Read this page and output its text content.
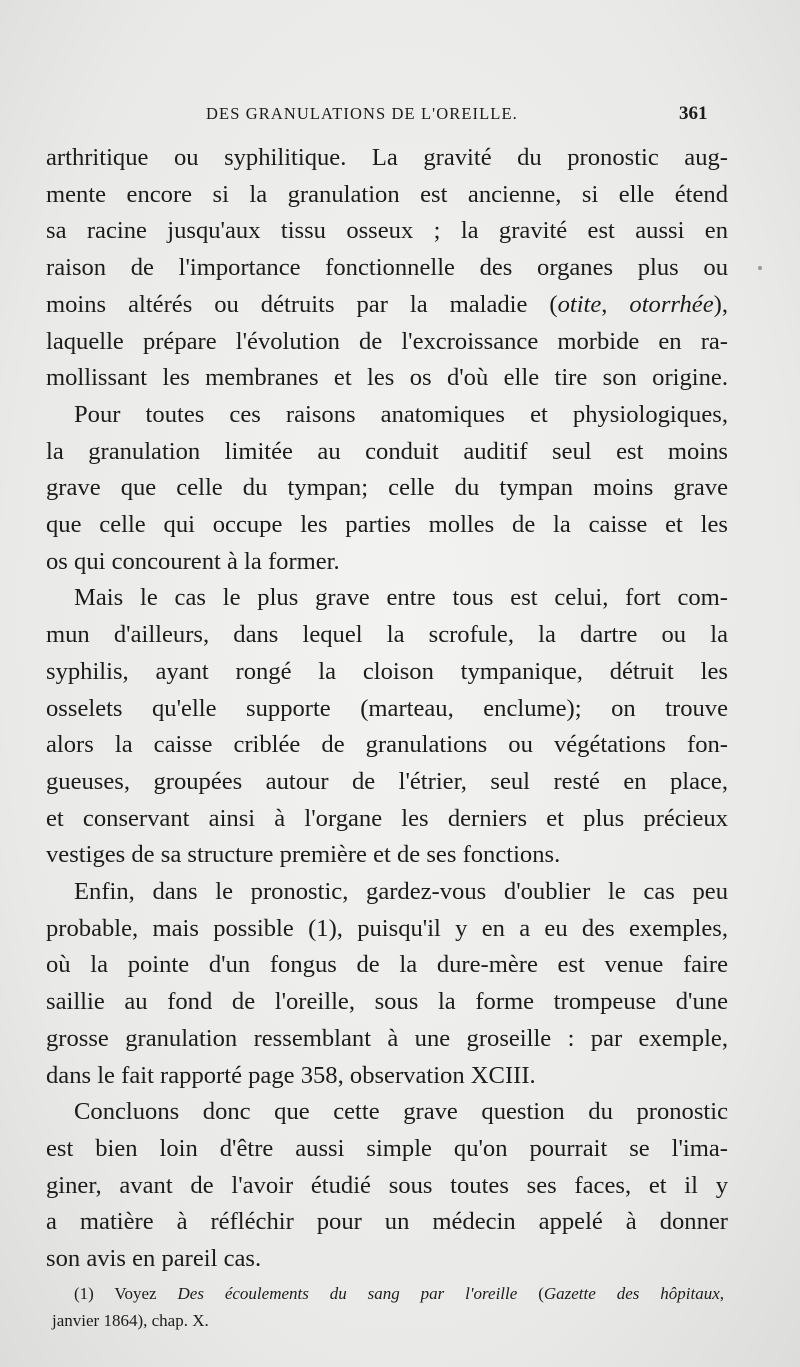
DES GRANULATIONS DE L'OREILLE.	361
arthritique ou syphilitique. La gravité du pronostic aug-
mente encore si la granulation est ancienne, si elle étend
sa racine jusqu'aux tissu osseux ; la gravité est aussi en
raison de l'importance fonctionnelle des organes plus ou
moins altérés ou détruits par la maladie (otite, otorrhée),
laquelle prépare l'évolution de l'excroissance morbide en ra-
mollissant les membranes et les os d'où elle tire son origine.
Pour toutes ces raisons anatomiques et physiologiques,
la granulation limitée au conduit auditif seul est moins
grave que celle du tympan; celle du tympan moins grave
que celle qui occupe les parties molles de la caisse et les
os qui concourent à la former.
Mais le cas le plus grave entre tous est celui, fort com-
mun d'ailleurs, dans lequel la scrofule, la dartre ou la
syphilis, ayant rongé la cloison tympanique, détruit les
osselets qu'elle supporte (marteau, enclume); on trouve
alors la caisse criblée de granulations ou végétations fon-
gueuses, groupées autour de l'étrier, seul resté en place,
et conservant ainsi à l'organe les derniers et plus précieux
vestiges de sa structure première et de ses fonctions.
Enfin, dans le pronostic, gardez-vous d'oublier le cas peu
probable, mais possible (1), puisqu'il y en a eu des exemples,
où la pointe d'un fongus de la dure-mère est venue faire
saillie au fond de l'oreille, sous la forme trompeuse d'une
grosse granulation ressemblant à une groseille : par exemple,
dans le fait rapporté page 358, observation XCIII.
Concluons donc que cette grave question du pronostic
est bien loin d'être aussi simple qu'on pourrait se l'ima-
giner, avant de l'avoir étudié sous toutes ses faces, et il y
a matière à réfléchir pour un médecin appelé à donner
son avis en pareil cas.
(1) Voyez Des écoulements du sang par l'oreille (Gazette des hôpitaux,
janvier 1864), chap. X.
